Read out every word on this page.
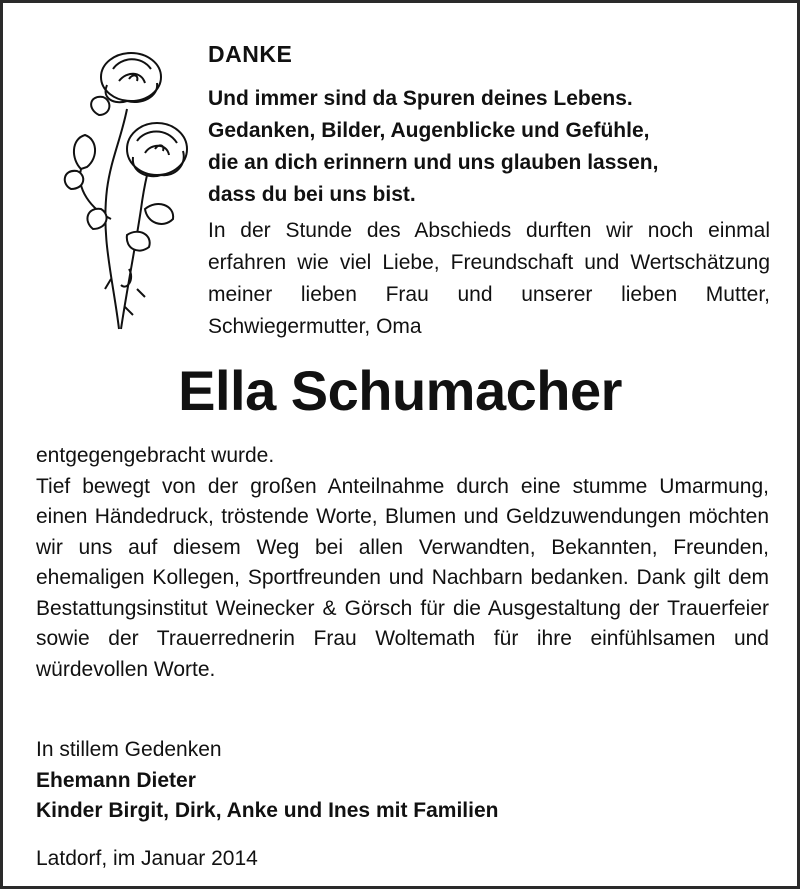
DANKE
Und immer sind da Spuren deines Lebens.
Gedanken, Bilder, Augenblicke und Gefühle,
die an dich erinnern und uns glauben lassen,
dass du bei uns bist.
In der Stunde des Abschieds durften wir noch einmal erfahren wie viel Liebe, Freundschaft und Wertschätzung meiner lieben Frau und unserer lieben Mutter, Schwiegermutter, Oma
Ella Schumacher

entgegengebracht wurde.

Tief bewegt von der großen Anteilnahme durch eine stumme Umarmung, einen Händedruck, tröstende Worte, Blumen und Geldzuwendungen möchten wir uns auf diesem Weg bei allen Verwandten, Bekannten, Freunden, ehemaligen Kollegen, Sportfreunden und Nachbarn bedanken. Dank gilt dem Bestattungsinstitut Weinecker & Görsch für die Ausgestaltung der Trauerfeier sowie der Trauerrednerin Frau Woltemath für ihre einfühlsamen und würdevollen Worte.

In stillem Gedenken
Ehemann Dieter
Kinder Birgit, Dirk, Anke und Ines mit Familien
Latdorf, im Januar 2014
